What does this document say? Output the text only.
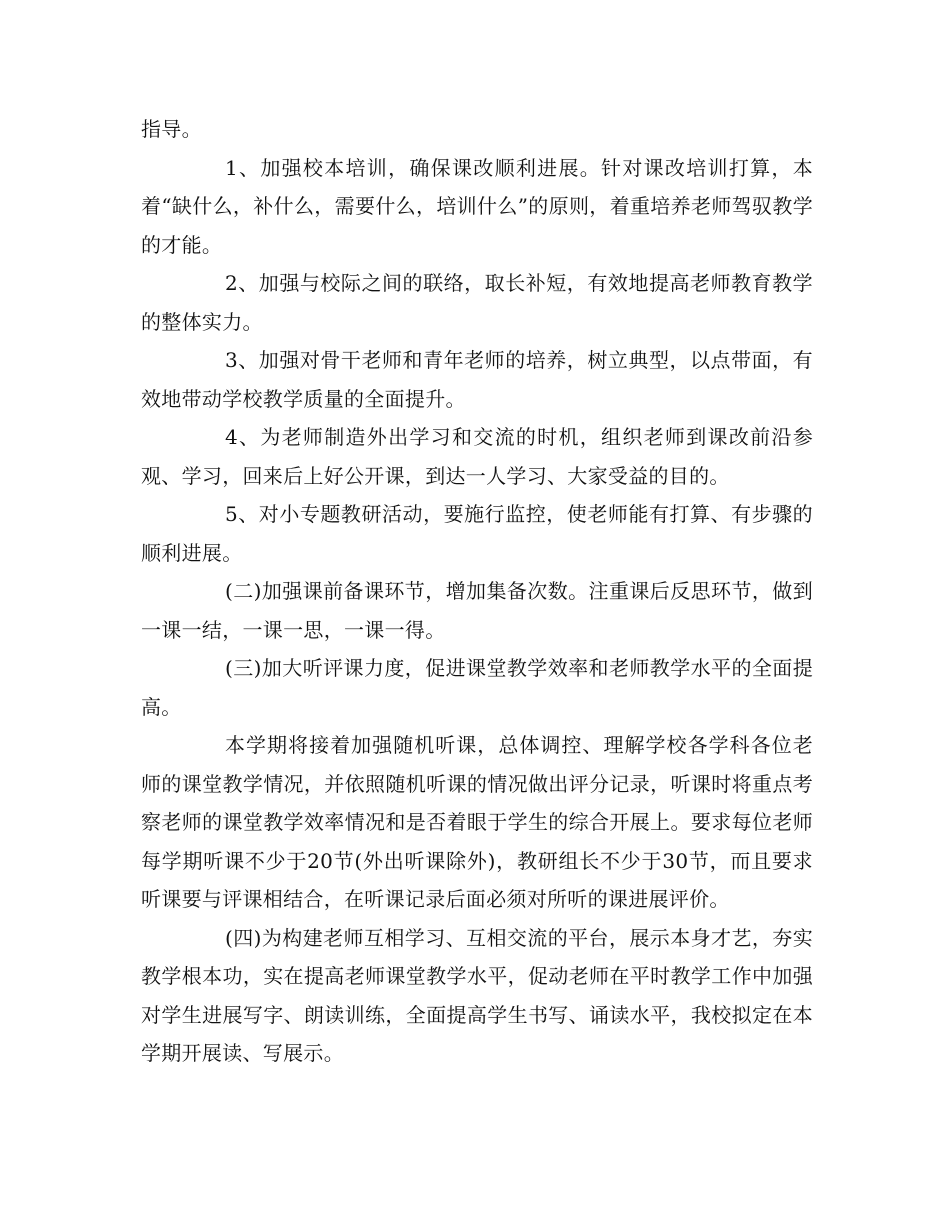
指导。

1、加强校本培训，确保课改顺利进展。针对课改培训打算，本着“缺什么，补什么，需要什么，培训什么”的原则，着重培养老师驾驭教学的才能。

2、加强与校际之间的联络，取长补短，有效地提高老师教育教学的整体实力。

3、加强对骨干老师和青年老师的培养，树立典型，以点带面，有效地带动学校教学质量的全面提升。

4、为老师制造外出学习和交流的时机，组织老师到课改前沿参观、学习，回来后上好公开课，到达一人学习、大家受益的目的。

5、对小专题教研活动，要施行监控，使老师能有打算、有步骤的顺利进展。

(二)加强课前备课环节，增加集备次数。注重课后反思环节，做到一课一结，一课一思，一课一得。

(三)加大听评课力度，促进课堂教学效率和老师教学水平的全面提高。

本学期将接着加强随机听课，总体调控、理解学校各学科各位老师的课堂教学情况，并依照随机听课的情况做出评分记录，听课时将重点考察老师的课堂教学效率情况和是否着眼于学生的综合开展上。要求每位老师每学期听课不少于20节(外出听课除外)，教研组长不少于30节，而且要求听课要与评课相结合，在听课记录后面必须对所听的课进展评价。

(四)为构建老师互相学习、互相交流的平台，展示本身才艺，夯实教学根本功，实在提高老师课堂教学水平，促动老师在平时教学工作中加强对学生进展写字、朗读训练，全面提高学生书写、诵读水平，我校拟定在本学期开展读、写展示。
